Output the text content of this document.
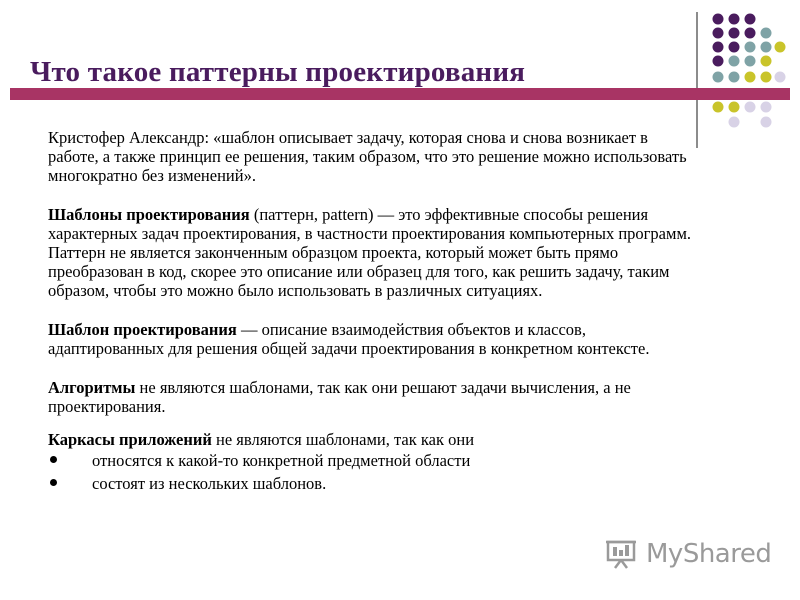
Что такое паттерны проектирования

Кристофер Александр: «шаблон описывает задачу, которая снова и снова возникает в работе, а также принцип ее решения, таким образом, что это решение можно использовать многократно без изменений».

Шаблоны проектирования (паттерн, pattern) — это эффективные способы решения характерных задач проектирования, в частности проектирования компьютерных программ. Паттерн не является законченным образцом проекта, который может быть прямо преобразован в код, скорее это описание или образец для того, как решить задачу, таким образом, чтобы это можно было использовать в различных ситуациях.

Шаблон проектирования — описание взаимодействия объектов и классов, адаптированных для решения общей задачи проектирования в конкретном контексте.

Алгоритмы не являются шаблонами, так как они решают задачи вычисления, а не проектирования.

Каркасы приложений не являются шаблонами, так как они

относятся к какой-то конкретной предметной области
состоят из нескольких шаблонов.
MyShared
